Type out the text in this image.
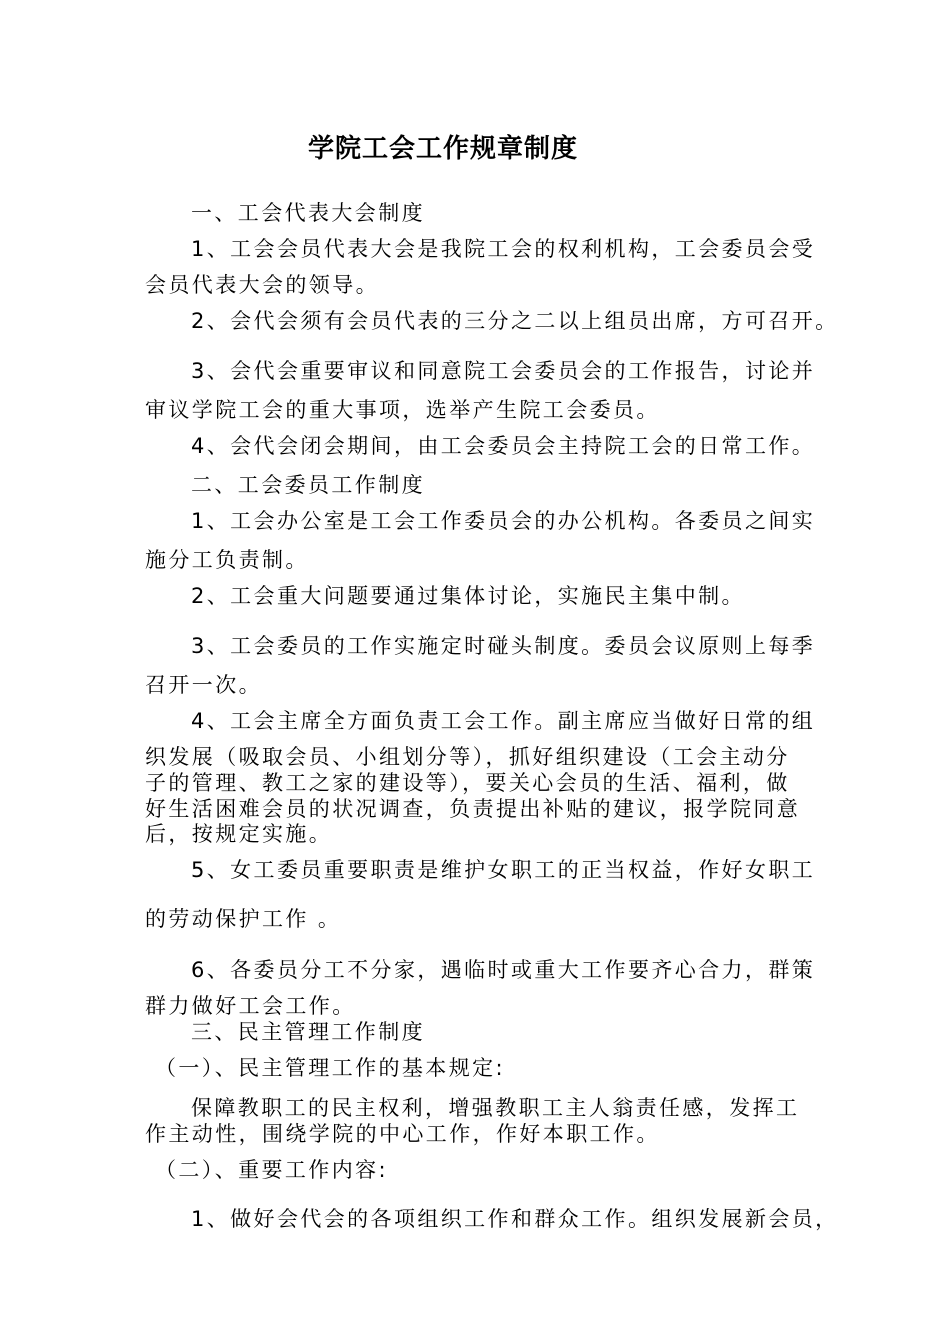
学院工会工作规章制度
一、工会代表大会制度
1、工会会员代表大会是我院工会的权利机构，工会委员会受
会员代表大会的领导。
2、会代会须有会员代表的三分之二以上组员出席，方可召开。
3、会代会重要审议和同意院工会委员会的工作报告，讨论并
审议学院工会的重大事项，选举产生院工会委员。
4、会代会闭会期间，由工会委员会主持院工会的日常工作。
二、工会委员工作制度
1、工会办公室是工会工作委员会的办公机构。各委员之间实
施分工负责制。
2、工会重大问题要通过集体讨论，实施民主集中制。
3、工会委员的工作实施定时碰头制度。委员会议原则上每季
召开一次。
4、工会主席全方面负责工会工作。副主席应当做好日常的组
织发展（吸取会员、小组划分等），抓好组织建设（工会主动分
子的管理、教工之家的建设等），要关心会员的生活、福利，做
好生活困难会员的状况调查，负责提出补贴的建议，报学院同意
后，按规定实施。
5、女工委员重要职责是维护女职工的正当权益，作好女职工
的劳动保护工作 。
6、各委员分工不分家，遇临时或重大工作要齐心合力，群策
群力做好工会工作。
三、民主管理工作制度
（一）、民主管理工作的基本规定:
保障教职工的民主权利，增强教职工主人翁责任感，发挥工
作主动性，围绕学院的中心工作，作好本职工作。
（二）、重要工作内容:
1、做好会代会的各项组织工作和群众工作。组织发展新会员，
